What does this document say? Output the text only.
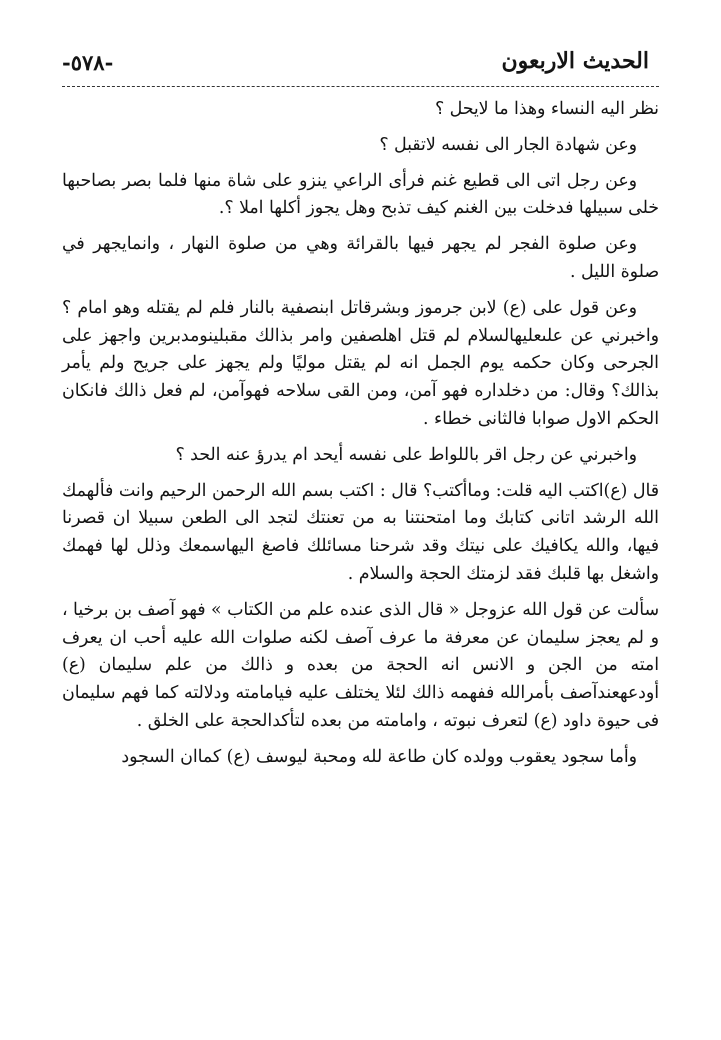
-٥٧٨-	الحديث الاربعون

نظر اليه النساء وهذا ما لايحل ؟

وعن شهادة الجار الى نفسه لاتقبل ؟

وعن رجل اتى الى قطيع غنم فرأى الراعي ينزو على شاة منها فلما بصر بصاحبها خلى سبيلها فدخلت بين الغنم كيف تذبح وهل يجوز أكلها املا ؟.

وعن صلوة الفجر لم يجهر فيها بالقرائة وهي من صلوة النهار ، وانمايجهر في صلوة الليل .

وعن قول على (ع) لابن جرموز وبشرقاتل ابنصفية بالنار فلم لم يقتله وهو امام ؟ واخبرني عن علىعليهالسلام لم قتل اهلصفين وامر بذالك مقبلينومدبرين واجهز على الجرحى وكان حكمه يوم الجمل انه لم يقتل موليًا ولم يجهز على جريح ولم يأمر بذالك؟ وقال: من دخلداره فهو آمن، ومن القى سلاحه فهوآمن، لم فعل ذالك فانكان الحكم الاول صوابا فالثانى خطاء .

واخبرني عن رجل اقر باللواط على نفسه أيحد ام يدرؤ عنه الحد ؟

قال (ع)اكتب اليه قلت: وماأكتب؟ قال : اكتب بسم الله الرحمن الرحيم وانت فألهمك الله الرشد اتانى كتابك وما امتحنتنا به من تعنتك لتجد الى الطعن سبيلا ان قصرنا فيها، والله يكافيك على نيتك وقد شرحنا مسائلك فاصغ اليهاسمعك وذلل لها فهمك واشغل بها قلبك فقد لزمتك الحجة والسلام .

سألت عن قول الله عزوجل « قال الذى عنده علم من الكتاب » فهو آصف بن برخيا ، و لم يعجز سليمان عن معرفة ما عرف آصف لكنه صلوات الله عليه أحب ان يعرف امته من الجن و الانس انه الحجة من بعده و ذالك من علم سليمان (ع) أودعهعندآصف بأمرالله ففهمه ذالك لئلا يختلف عليه فيامامته ودلالته كما فهم سليمان فى حيوة داود (ع) لتعرف نبوته ، وامامته من بعده لتأكدالحجة على الخلق .

وأما سجود يعقوب وولده كان طاعة لله ومحبة ليوسف (ع) كماان السجود
